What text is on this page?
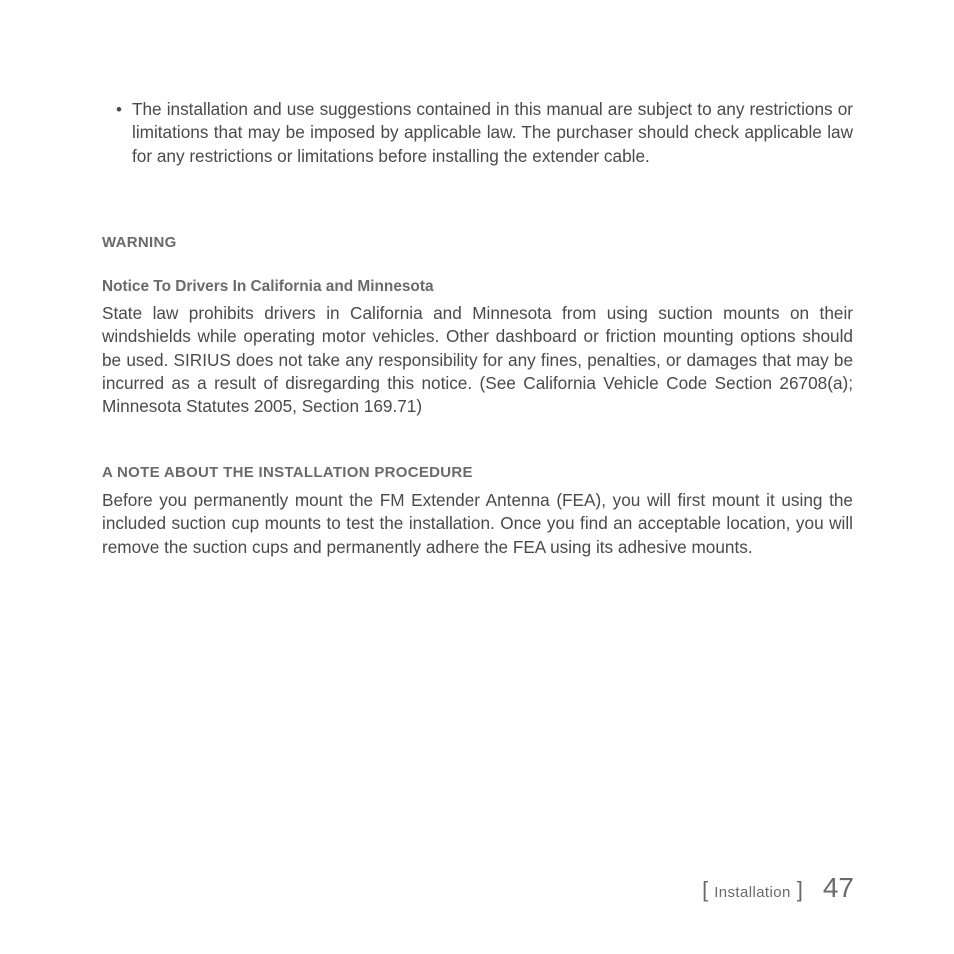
• The installation and use suggestions contained in this manual are subject to any restrictions or limitations that may be imposed by applicable law. The purchaser should check applicable law for any restrictions or limitations before installing the extender cable.
WARNING
Notice To Drivers In California and Minnesota
State law prohibits drivers in California and Minnesota from using suction mounts on their windshields while operating motor vehicles. Other dashboard or friction mounting options should be used. SIRIUS does not take any responsibility for any fines, penalties, or damages that may be incurred as a result of disregarding this notice. (See California Vehicle Code Section 26708(a); Minnesota Statutes 2005, Section 169.71)
A NOTE ABOUT THE INSTALLATION PROCEDURE
Before you permanently mount the FM Extender Antenna (FEA), you will first mount it using the included suction cup mounts to test the installation. Once you find an acceptable location, you will remove the suction cups and permanently adhere the FEA using its adhesive mounts.
[ Installation ] 47
